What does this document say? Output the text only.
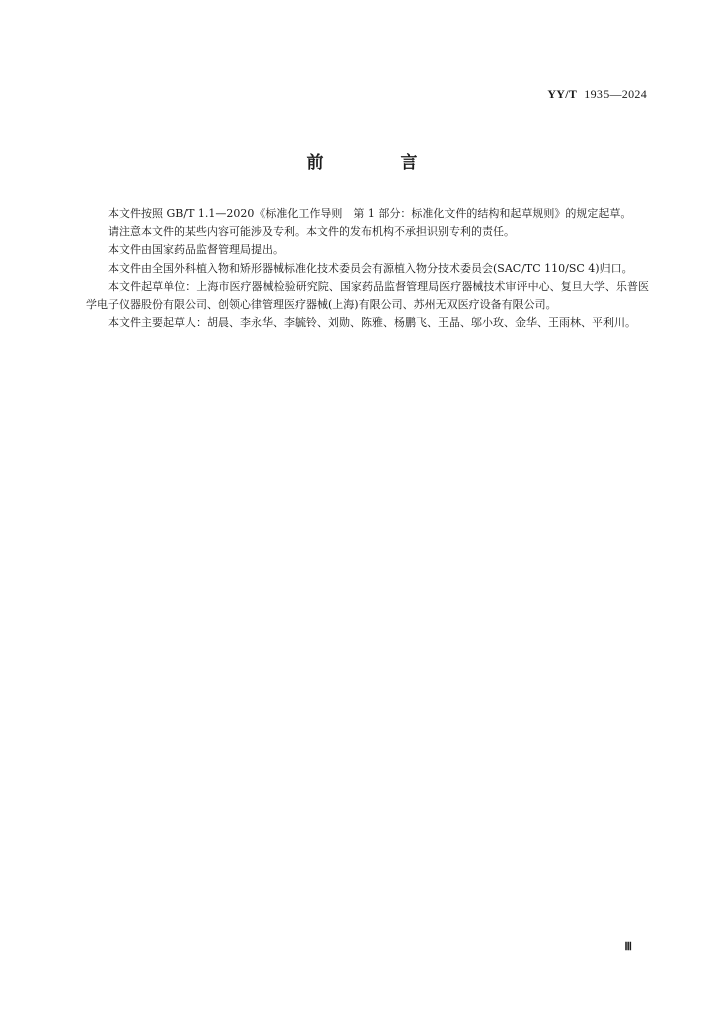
YY/T 1935—2024
前　言

本文件按照 GB/T 1.1—2020《标准化工作导则　第 1 部分：标准化文件的结构和起草规则》的规定起草。

请注意本文件的某些内容可能涉及专利。本文件的发布机构不承担识别专利的责任。

本文件由国家药品监督管理局提出。

本文件由全国外科植入物和矫形器械标准化技术委员会有源植入物分技术委员会(SAC/TC 110/SC 4)归口。

本文件起草单位：上海市医疗器械检验研究院、国家药品监督管理局医疗器械技术审评中心、复旦大学、乐普医学电子仪器股份有限公司、创领心律管理医疗器械(上海)有限公司、苏州无双医疗设备有限公司。

本文件主要起草人：胡晨、李永华、李毓铃、刘勋、陈雅、杨鹏飞、王晶、邬小玫、金华、王雨林、平利川。

Ⅲ
